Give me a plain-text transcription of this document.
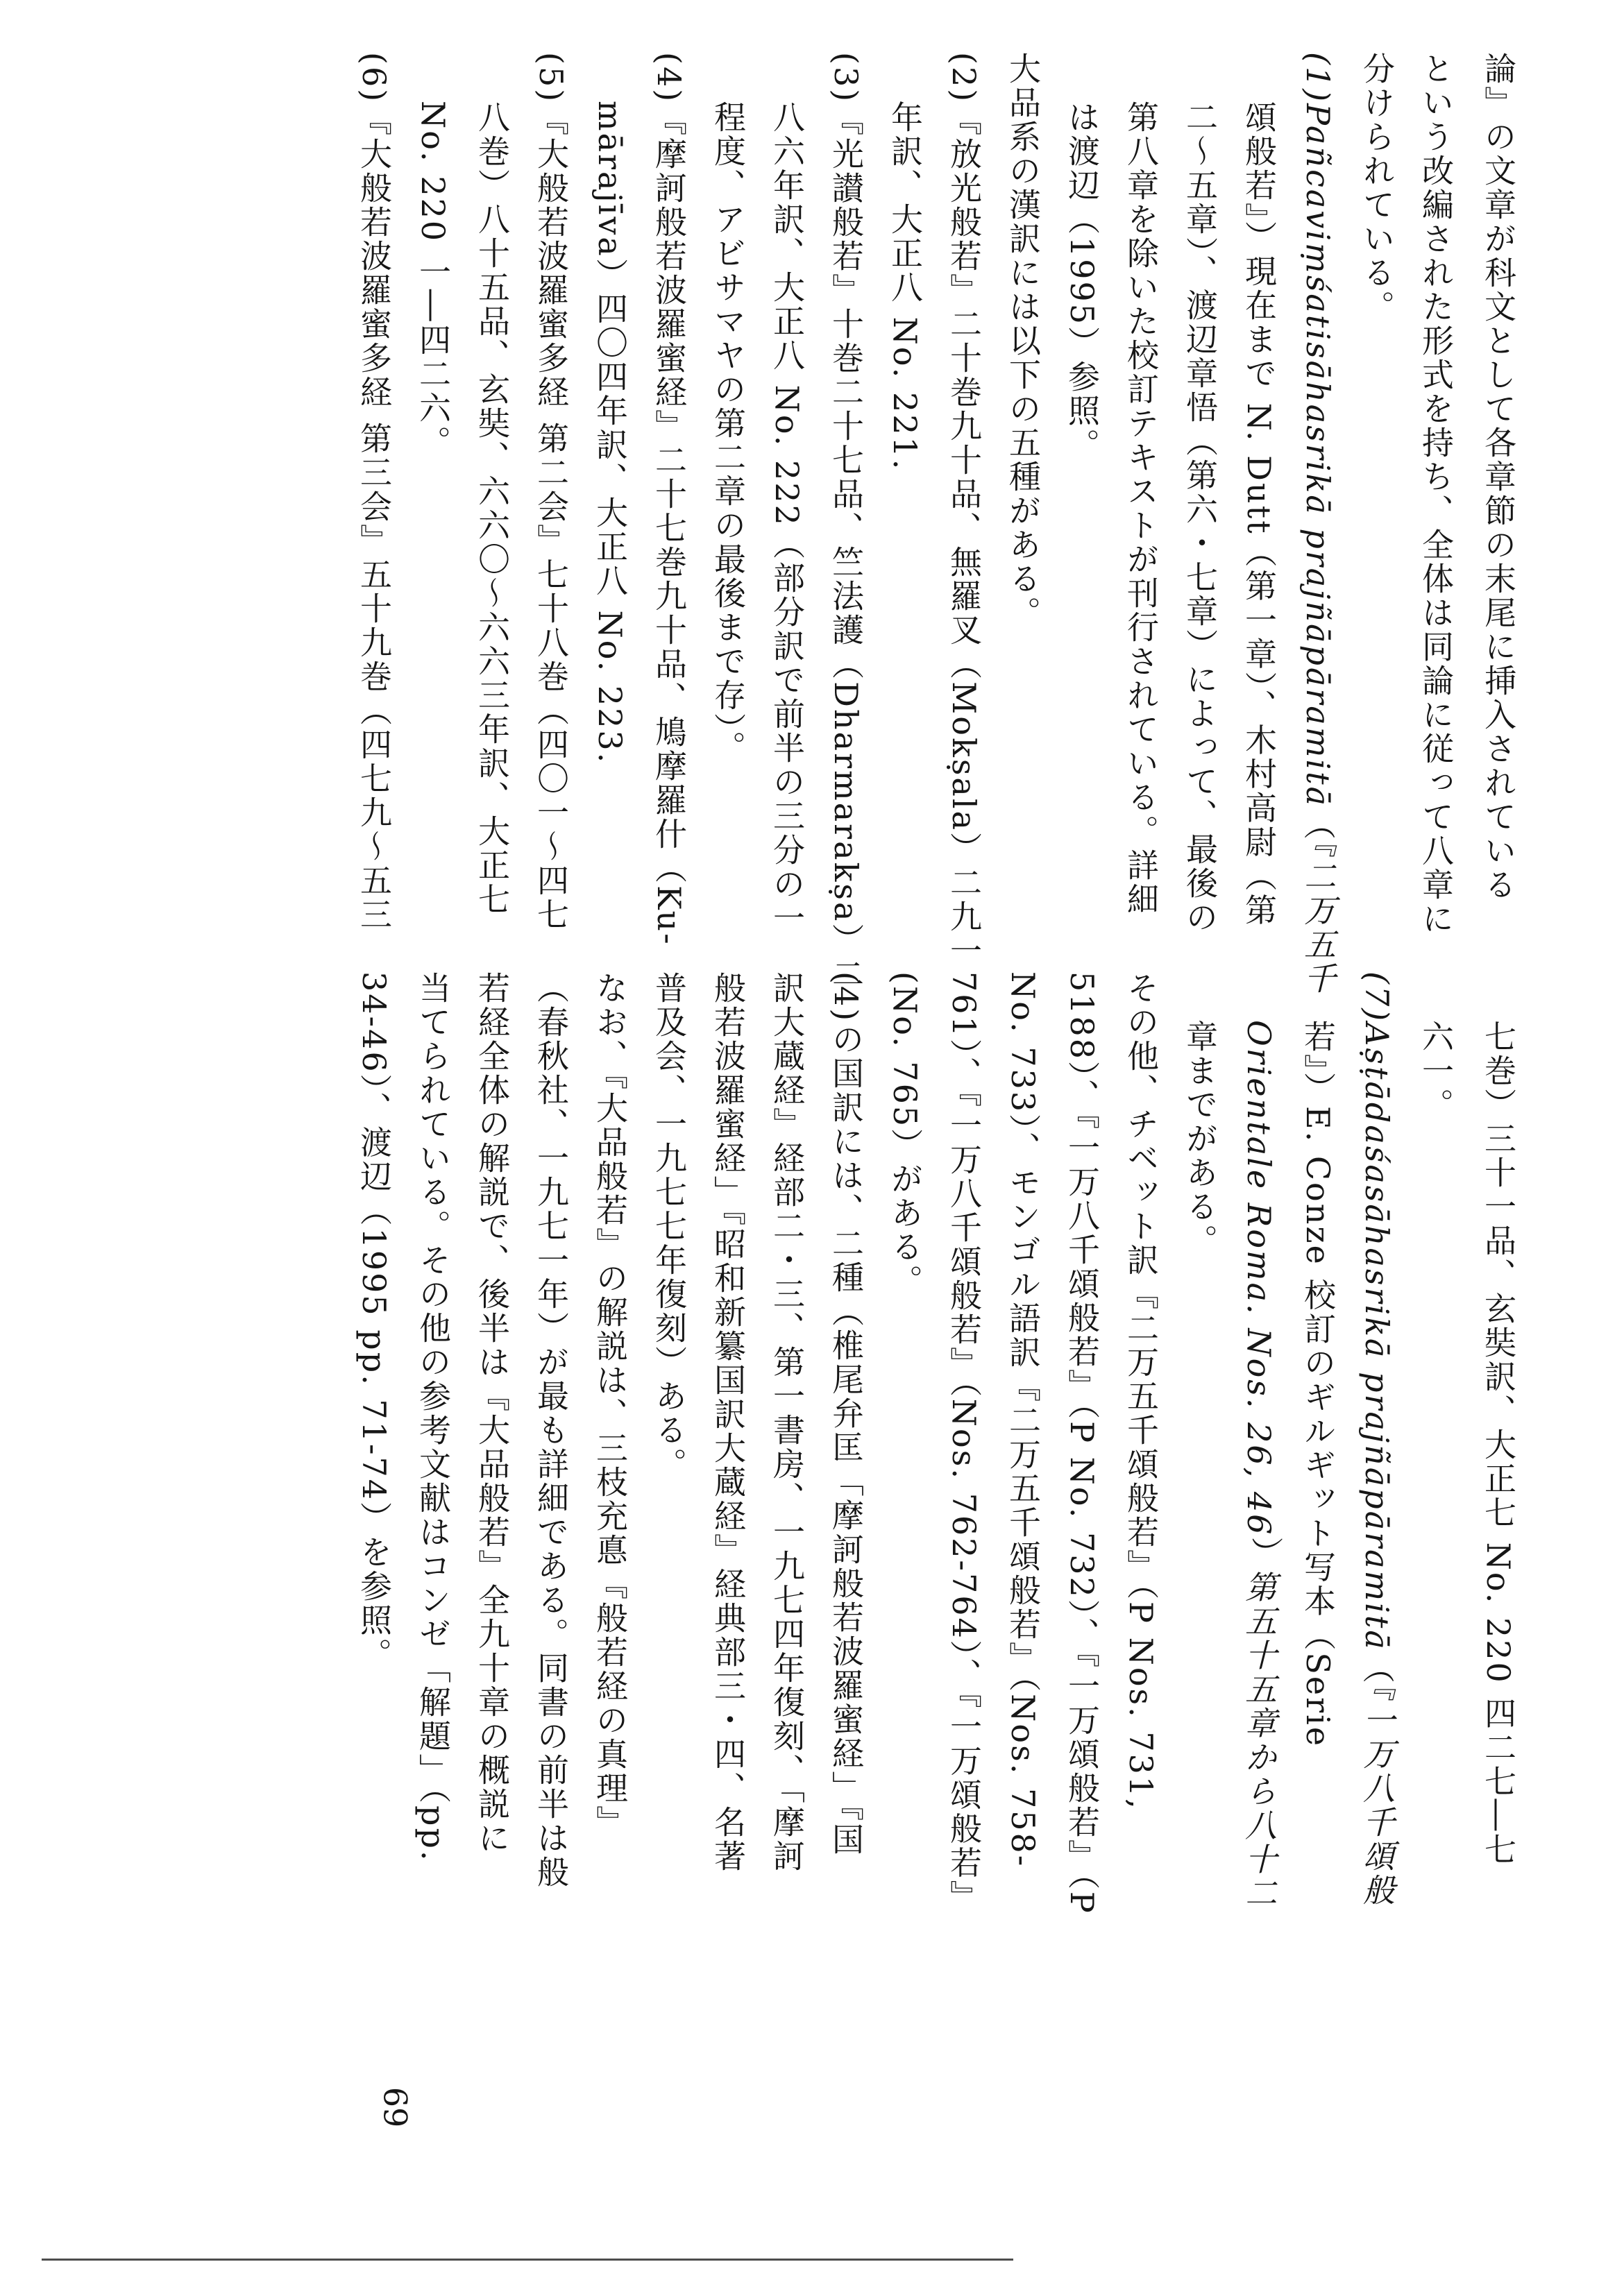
論』の文章が科文として各章節の末尾に挿入されている

という改編された形式を持ち、全体は同論に従って八章に

分けられている。

(1)Pañcaviṃśatisāhasrikā prajñāpāramitā（『二万五千

頌般若』）現在まで N. Dutt（第一章）、木村高尉（第

二～五章）、渡辺章悟（第六・七章）によって、最後の

第八章を除いた校訂テキストが刊行されている。詳細

は渡辺（1995）参照。

大品系の漢訳には以下の五種がある。

(2)『放光般若』二十巻九十品、無羅叉（Mokṣala）二九一

年訳、大正八 No. 221.

(3)『光讃般若』十巻二十七品、竺法護（Dharmarakṣa）二

八六年訳、大正八 No. 222（部分訳で前半の三分の一

程度、アビサマヤの第二章の最後まで存）。

(4)『摩訶般若波羅蜜経』二十七巻九十品、鳩摩羅什（Ku-

mārajīva）四〇四年訳、大正八 No. 223.

(5)『大般若波羅蜜多経 第二会』七十八巻（四〇一～四七

八巻）八十五品、玄奘、六六〇～六六三年訳、大正七

No. 220 一―四二六。

(6)『大般若波羅蜜多経 第三会』五十九巻（四七九～五三

七巻）三十一品、玄奘訳、大正七 No. 220 四二七―七

六一。

(7)Aṣṭādaśasāhasrikā prajñāpāramitā（『一万八千頌般

若』）E. Conze 校訂のギルギット写本（Serie

Orientale Roma. Nos. 26, 46）第五十五章から八十二

章までがある。

その他、チベット訳『二万五千頌般若』（P Nos. 731,

5188）、『一万八千頌般若』（P No. 732）、『一万頌般若』（P

No. 733）、モンゴル語訳『二万五千頌般若』（Nos. 758-

761）、『一万八千頌般若』（Nos. 762-764）、『一万頌般若』

(No. 765）がある。

(4)の国訳には、二種（椎尾弁匡「摩訶般若波羅蜜経」『国

訳大蔵経』経部二・三、第一書房、一九七四年復刻、「摩訶

般若波羅蜜経」『昭和新纂国訳大蔵経』経典部三・四、名著

普及会、一九七七年復刻）ある。

なお、『大品般若』の解説は、三枝充悳『般若経の真理』

（春秋社、一九七一年）が最も詳細である。同書の前半は般

若経全体の解説で、後半は『大品般若』全九十章の概説に

当てられている。その他の参考文献はコンゼ「解題」（pp.

34-46）、渡辺（1995 pp. 71-74）を参照。

69
